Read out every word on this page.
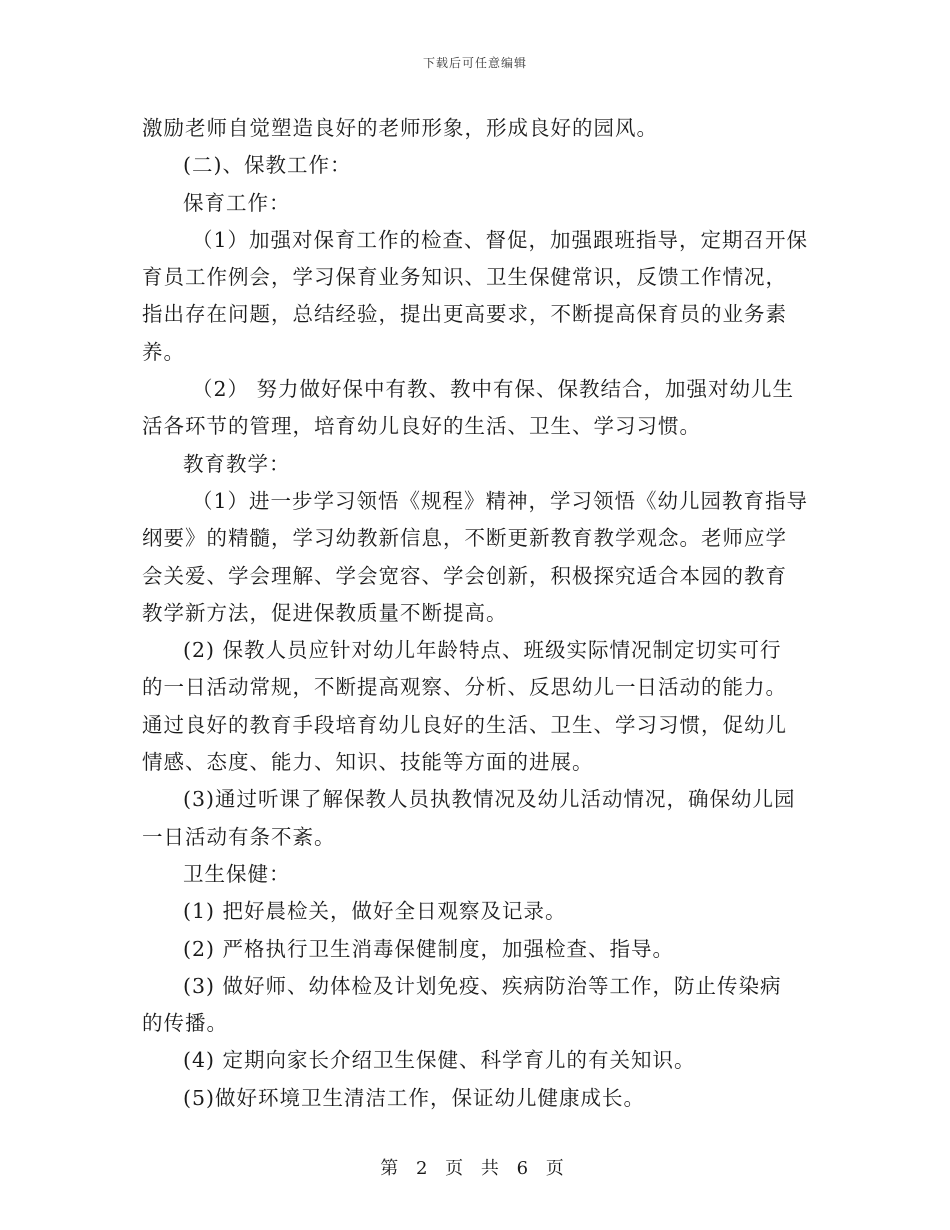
下载后可任意编辑
激励老师自觉塑造良好的老师形象，形成良好的园风。
(二)、保教工作：
保育工作：
（1）加强对保育工作的检查、督促，加强跟班指导，定期召开保
育员工作例会，学习保育业务知识、卫生保健常识，反馈工作情况，
指出存在问题，总结经验，提出更高要求，不断提高保育员的业务素
养。
（2） 努力做好保中有教、教中有保、保教结合，加强对幼儿生
活各环节的管理，培育幼儿良好的生活、卫生、学习习惯。
教育教学：
（1）进一步学习领悟《规程》精神，学习领悟《幼儿园教育指导
纲要》的精髓，学习幼教新信息，不断更新教育教学观念。老师应学
会关爱、学会理解、学会宽容、学会创新，积极探究适合本园的教育
教学新方法，促进保教质量不断提高。
(2) 保教人员应针对幼儿年龄特点、班级实际情况制定切实可行
的一日活动常规，不断提高观察、分析、反思幼儿一日活动的能力。
通过良好的教育手段培育幼儿良好的生活、卫生、学习习惯，促幼儿
情感、态度、能力、知识、技能等方面的进展。
(3)通过听课了解保教人员执教情况及幼儿活动情况，确保幼儿园
一日活动有条不紊。
卫生保健：
(1) 把好晨检关，做好全日观察及记录。
(2) 严格执行卫生消毒保健制度，加强检查、指导。
(3) 做好师、幼体检及计划免疫、疾病防治等工作，防止传染病
的传播。
(4) 定期向家长介绍卫生保健、科学育儿的有关知识。
(5)做好环境卫生清洁工作，保证幼儿健康成长。
第 2 页 共 6 页
